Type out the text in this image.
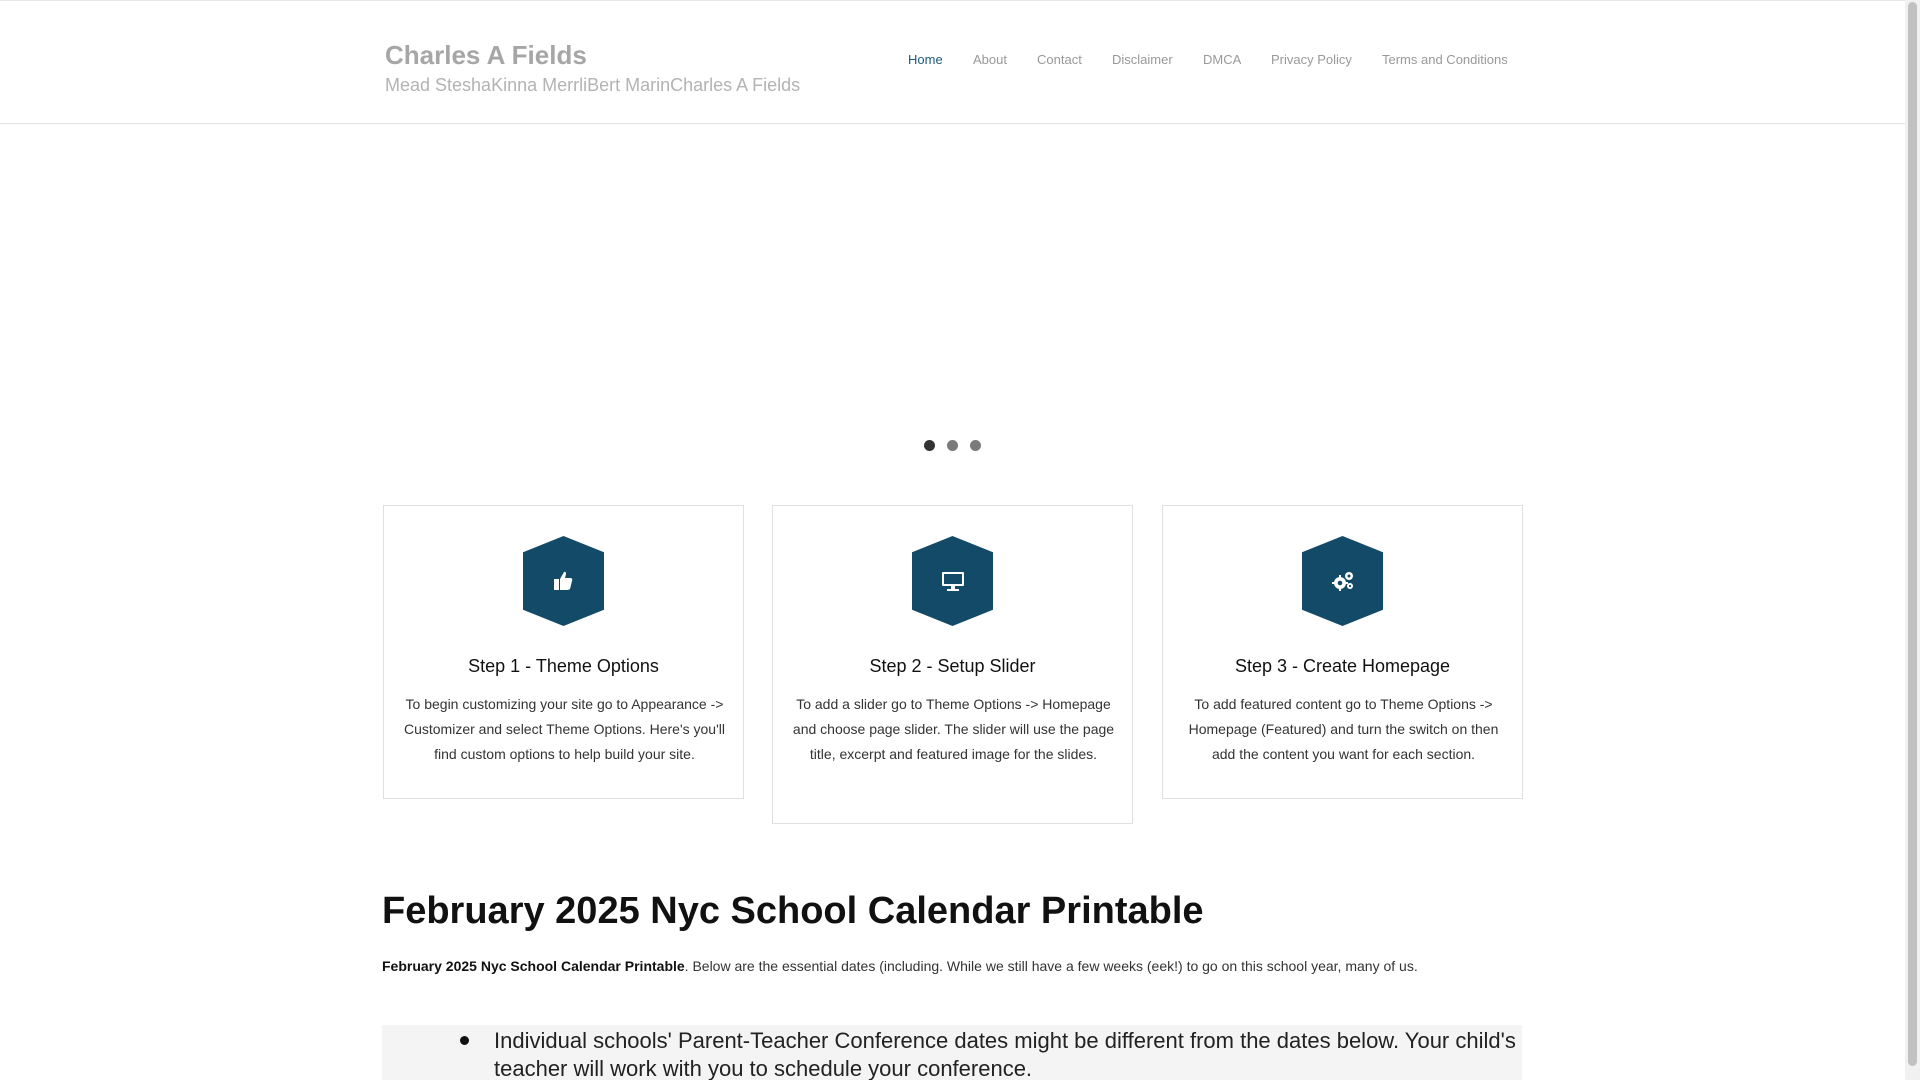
Charles A Fields
Mead SteshaKinna MerrliBert MarinCharles A Fields
Home About Contact Disclaimer DMCA Privacy Policy Terms and Conditions
Step 1 - Theme Options

To begin customizing your site go to Appearance -> Customizer and select Theme Options. Here's you'll find custom options to help build your site.

Step 2 - Setup Slider

To add a slider go to Theme Options -> Homepage and choose page slider. The slider will use the page title, excerpt and featured image for the slides.

Step 3 - Create Homepage

To add featured content go to Theme Options -> Homepage (Featured) and turn the switch on then add the content you want for each section.

February 2025 Nyc School Calendar Printable
February 2025 Nyc School Calendar Printable. Below are the essential dates (including. While we still have a few weeks (eek!) to go on this school year, many of us.
Individual schools' Parent-Teacher Conference dates might be different from the dates below. Your child's
teacher will work with you to schedule your conference.
